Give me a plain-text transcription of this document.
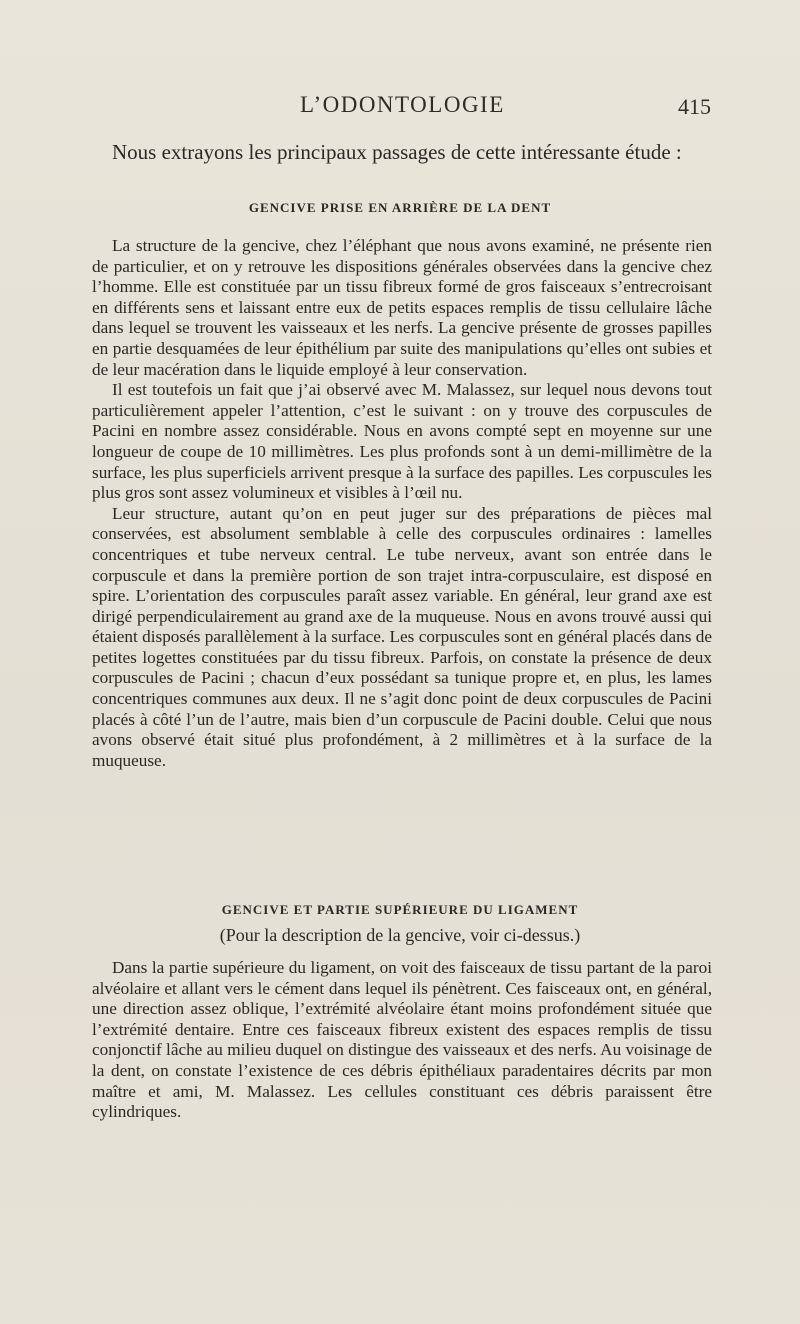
L’ODONTOLOGIE	415

Nous extrayons les principaux passages de cette intéressante étude :

GENCIVE PRISE EN ARRIÈRE DE LA DENT

La structure de la gencive, chez l’éléphant que nous avons examiné, ne présente rien de particulier, et on y retrouve les dispositions générales observées dans la gencive chez l’homme. Elle est constituée par un tissu fibreux formé de gros faisceaux s’entrecroisant en différents sens et laissant entre eux de petits espaces remplis de tissu cellulaire lâche dans lequel se trouvent les vaisseaux et les nerfs. La gencive présente de grosses papilles en partie desquamées de leur épithélium par suite des manipulations qu’elles ont subies et de leur macération dans le liquide employé à leur conservation.

Il est toutefois un fait que j’ai observé avec M. Malassez, sur lequel nous devons tout particulièrement appeler l’attention, c’est le suivant : on y trouve des corpuscules de Pacini en nombre assez considérable. Nous en avons compté sept en moyenne sur une longueur de coupe de 10 millimètres. Les plus profonds sont à un demi-millimètre de la surface, les plus superficiels arrivent presque à la surface des papilles. Les corpuscules les plus gros sont assez volumineux et visibles à l’œil nu.

Leur structure, autant qu’on en peut juger sur des préparations de pièces mal conservées, est absolument semblable à celle des corpuscules ordinaires : lamelles concentriques et tube nerveux central. Le tube nerveux, avant son entrée dans le corpuscule et dans la première portion de son trajet intra-corpusculaire, est disposé en spire. L’orientation des corpuscules paraît assez variable. En général, leur grand axe est dirigé perpendiculairement au grand axe de la muqueuse. Nous en avons trouvé aussi qui étaient disposés parallèlement à la surface. Les corpuscules sont en général placés dans de petites logettes constituées par du tissu fibreux. Parfois, on constate la présence de deux corpuscules de Pacini ; chacun d’eux possédant sa tunique propre et, en plus, les lames concentriques communes aux deux. Il ne s’agit donc point de deux corpuscules de Pacini placés à côté l’un de l’autre, mais bien d’un corpuscule de Pacini double. Celui que nous avons observé était situé plus profondément, à 2 millimètres et à la surface de la muqueuse.

GENCIVE ET PARTIE SUPÉRIEURE DU LIGAMENT

(Pour la description de la gencive, voir ci-dessus.)

Dans la partie supérieure du ligament, on voit des faisceaux de tissu partant de la paroi alvéolaire et allant vers le cément dans lequel ils pénètrent. Ces faisceaux ont, en général, une direction assez oblique, l’extrémité alvéolaire étant moins profondément située que l’extrémité dentaire. Entre ces faisceaux fibreux existent des espaces remplis de tissu conjonctif lâche au milieu duquel on distingue des vaisseaux et des nerfs. Au voisinage de la dent, on constate l’existence de ces débris épithéliaux paradentaires décrits par mon maître et ami, M. Malassez. Les cellules constituant ces débris paraissent être cylindriques.
